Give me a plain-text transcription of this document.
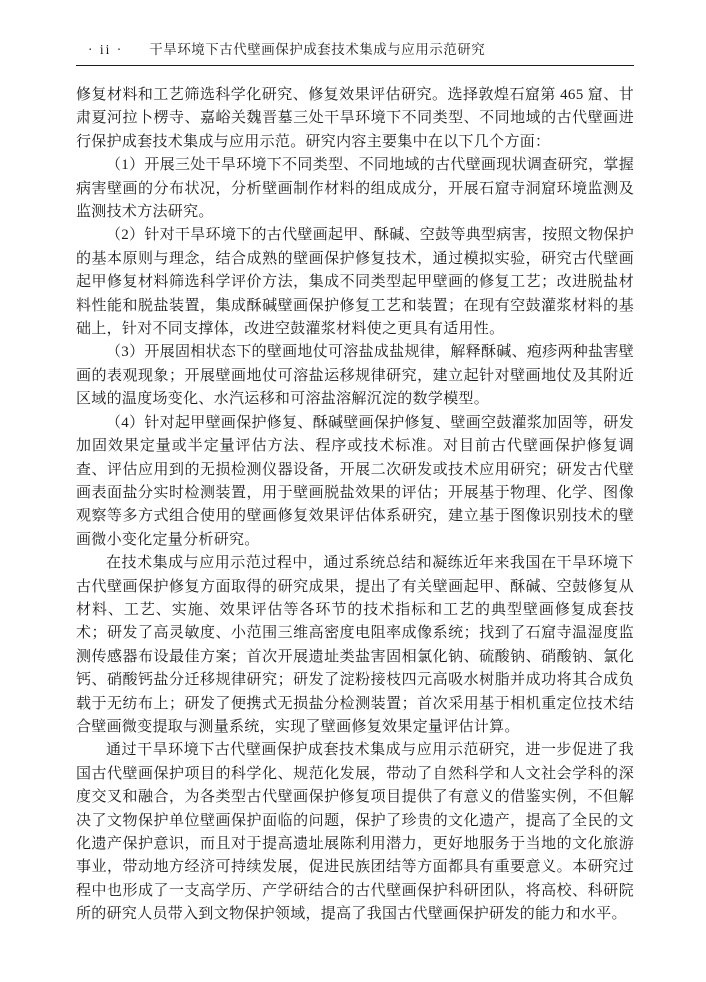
· ii · 干旱环境下古代壁画保护成套技术集成与应用示范研究

修复材料和工艺筛选科学化研究、修复效果评估研究。选择敦煌石窟第 465 窟、甘肃夏河拉卜楞寺、嘉峪关魏晋墓三处干旱环境下不同类型、不同地域的古代壁画进行保护成套技术集成与应用示范。研究内容主要集中在以下几个方面：

（1）开展三处干旱环境下不同类型、不同地域的古代壁画现状调查研究，掌握病害壁画的分布状况，分析壁画制作材料的组成成分，开展石窟寺洞窟环境监测及监测技术方法研究。

（2）针对干旱环境下的古代壁画起甲、酥碱、空鼓等典型病害，按照文物保护的基本原则与理念，结合成熟的壁画保护修复技术，通过模拟实验，研究古代壁画起甲修复材料筛选科学评价方法，集成不同类型起甲壁画的修复工艺；改进脱盐材料性能和脱盐装置，集成酥碱壁画保护修复工艺和装置；在现有空鼓灌浆材料的基础上，针对不同支撑体，改进空鼓灌浆材料使之更具有适用性。

（3）开展固相状态下的壁画地仗可溶盐成盐规律，解释酥碱、疱疹两种盐害壁画的表观现象；开展壁画地仗可溶盐运移规律研究，建立起针对壁画地仗及其附近区域的温度场变化、水汽运移和可溶盐溶解沉淀的数学模型。

（4）针对起甲壁画保护修复、酥碱壁画保护修复、壁画空鼓灌浆加固等，研发加固效果定量或半定量评估方法、程序或技术标准。对目前古代壁画保护修复调查、评估应用到的无损检测仪器设备，开展二次研发或技术应用研究；研发古代壁画表面盐分实时检测装置，用于壁画脱盐效果的评估；开展基于物理、化学、图像观察等多方式组合使用的壁画修复效果评估体系研究，建立基于图像识别技术的壁画微小变化定量分析研究。

在技术集成与应用示范过程中，通过系统总结和凝练近年来我国在干旱环境下古代壁画保护修复方面取得的研究成果，提出了有关壁画起甲、酥碱、空鼓修复从材料、工艺、实施、效果评估等各环节的技术指标和工艺的典型壁画修复成套技术；研发了高灵敏度、小范围三维高密度电阻率成像系统；找到了石窟寺温湿度监测传感器布设最佳方案；首次开展遗址类盐害固相氯化钠、硫酸钠、硝酸钠、氯化钙、硝酸钙盐分迁移规律研究；研发了淀粉接枝四元高吸水树脂并成功将其合成负载于无纺布上；研发了便携式无损盐分检测装置；首次采用基于相机重定位技术结合壁画微变提取与测量系统，实现了壁画修复效果定量评估计算。

通过干旱环境下古代壁画保护成套技术集成与应用示范研究，进一步促进了我国古代壁画保护项目的科学化、规范化发展，带动了自然科学和人文社会学科的深度交叉和融合，为各类型古代壁画保护修复项目提供了有意义的借鉴实例，不但解决了文物保护单位壁画保护面临的问题，保护了珍贵的文化遗产，提高了全民的文化遗产保护意识，而且对于提高遗址展陈利用潜力，更好地服务于当地的文化旅游事业，带动地方经济可持续发展，促进民族团结等方面都具有重要意义。本研究过程中也形成了一支高学历、产学研结合的古代壁画保护科研团队，将高校、科研院所的研究人员带入到文物保护领域，提高了我国古代壁画保护研发的能力和水平。
